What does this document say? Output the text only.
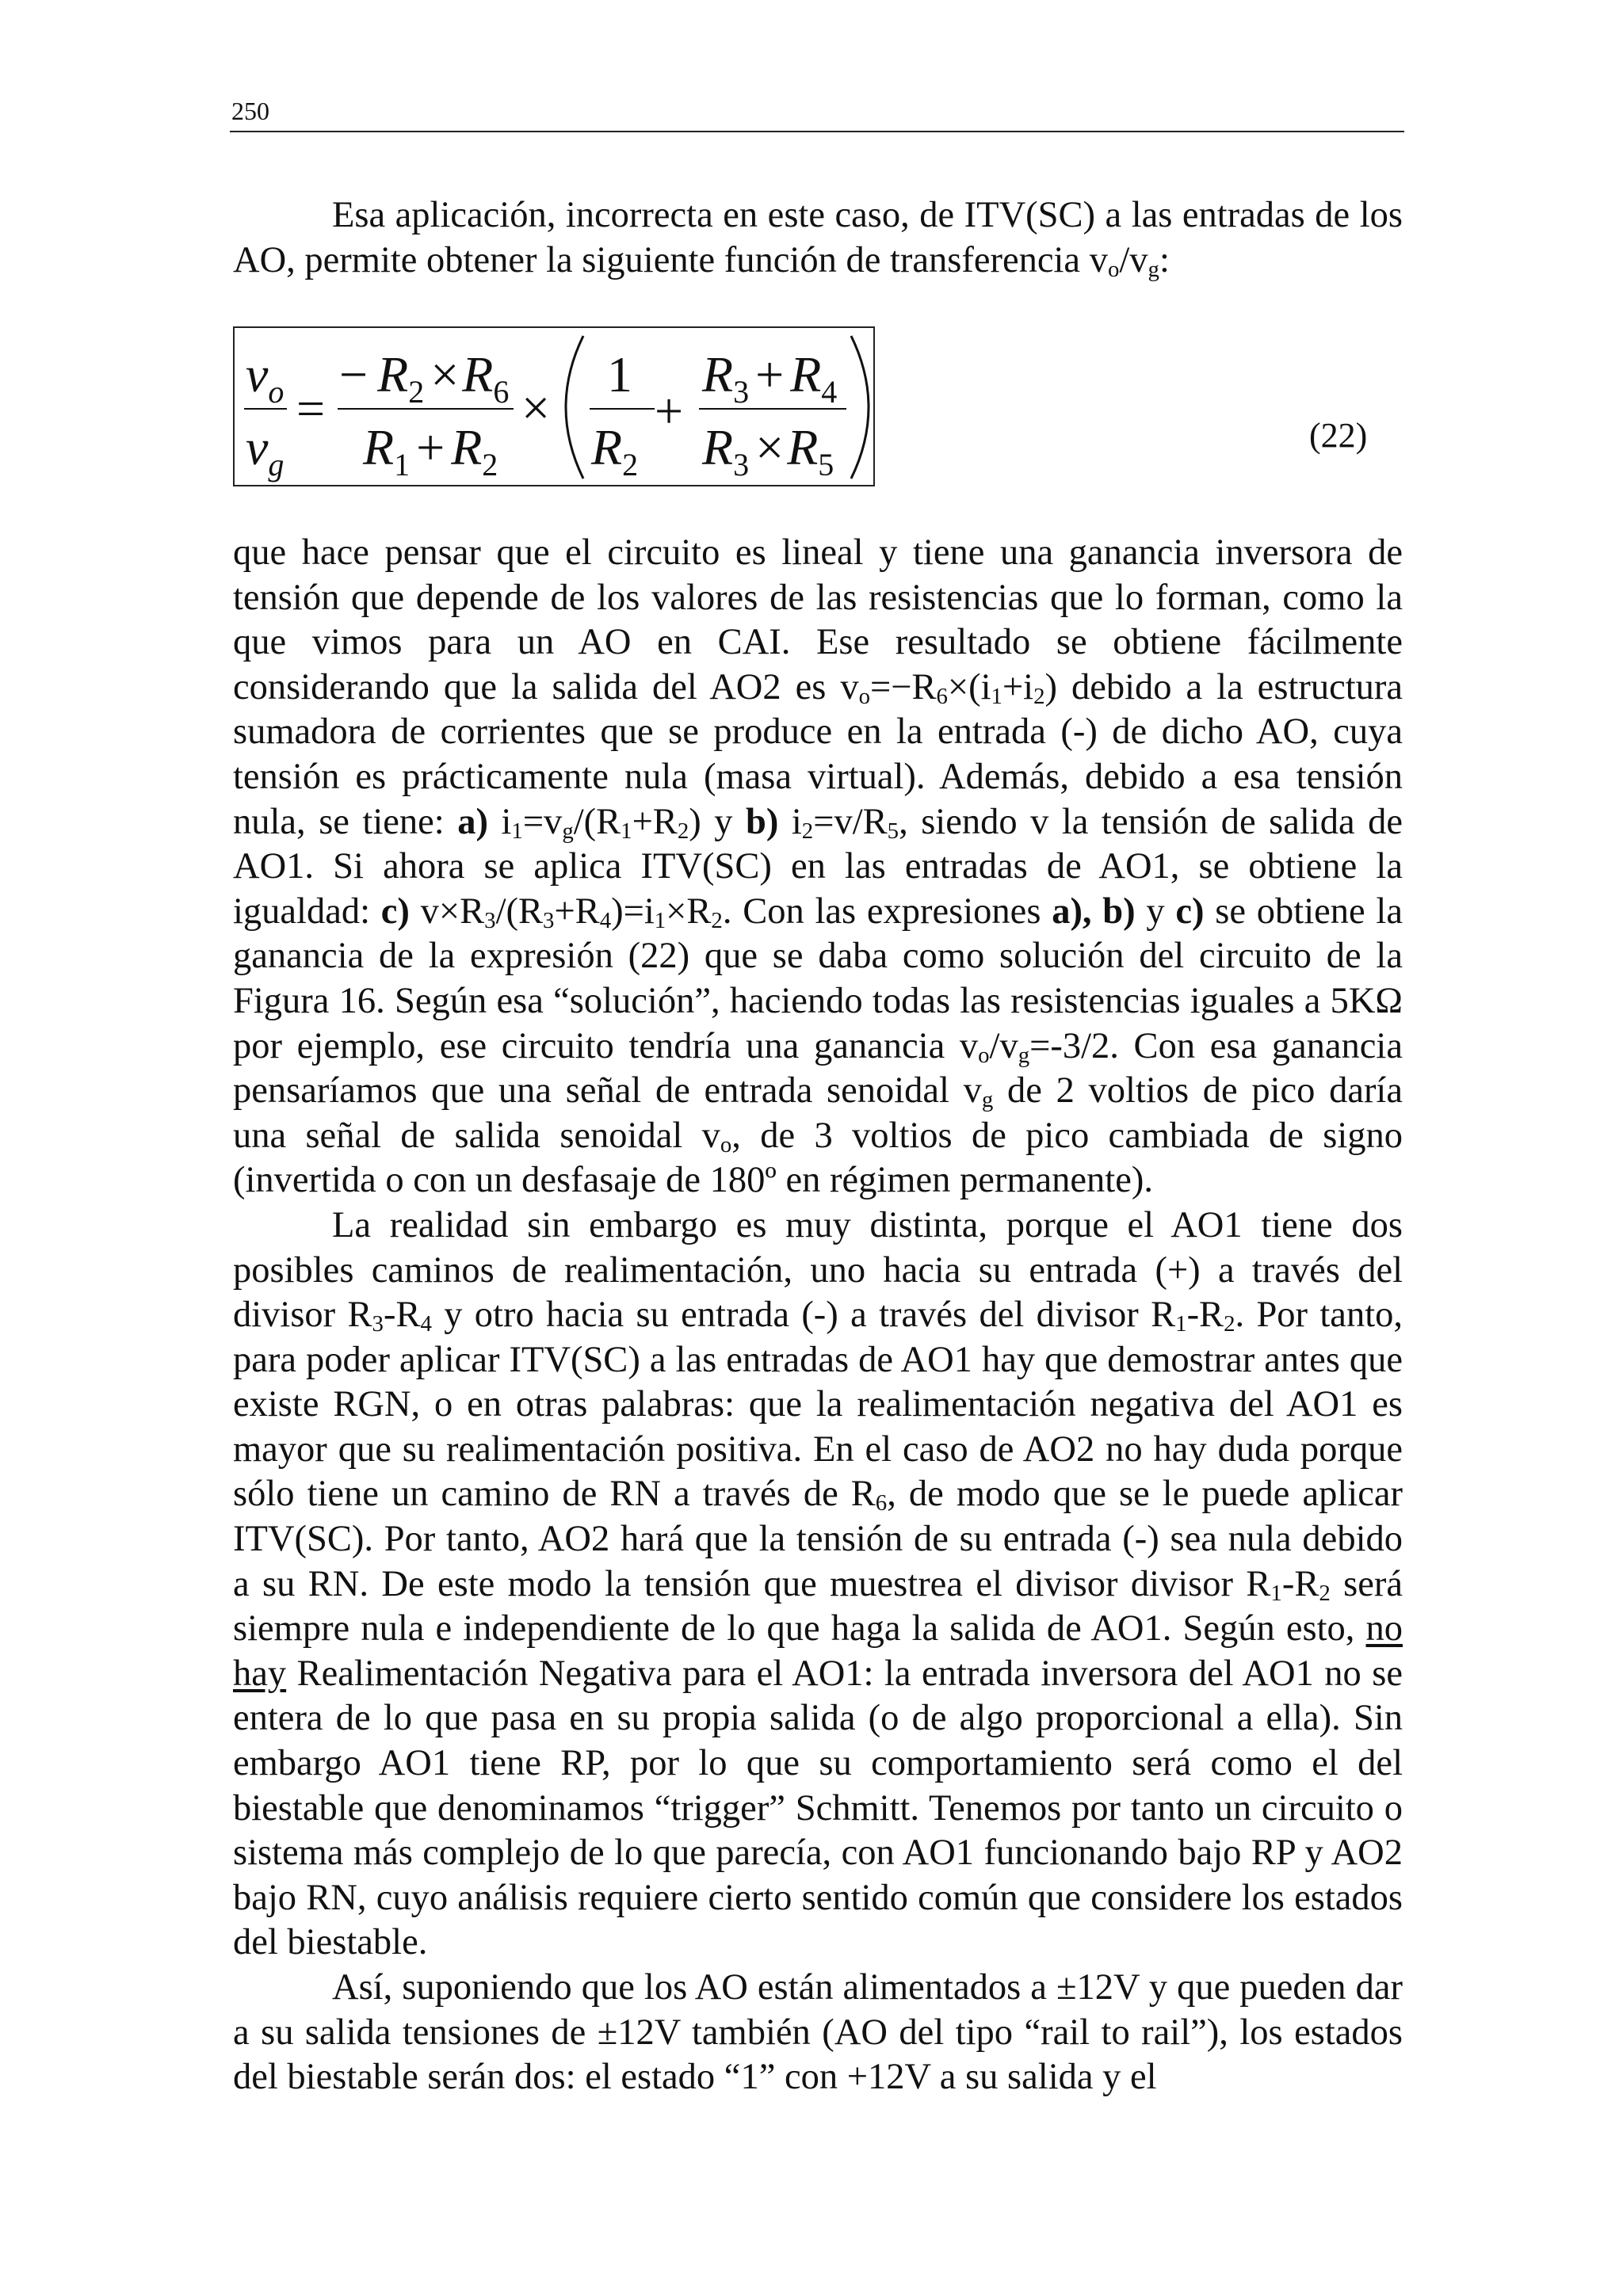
250

Esa aplicación, incorrecta en este caso, de ITV(SC) a las entradas de los AO, permite obtener la siguiente función de transferencia $v_o/v_g$:

$v_o$
$v_g$
=
− $R_2 \times R_6$
$R_1 + R_2$
×
1
$R_2$
+
$R_3 + R_4$
$R_3 \times R_5$
(22)

que hace pensar que el circuito es lineal y tiene una ganancia inversora de tensión que depende de los valores de las resistencias que lo forman, como la que vimos para un AO en CAI. Ese resultado se obtiene fácilmente considerando que la salida del AO2 es $v_o=-R_6\times(i_1+i_2)$ debido a la estructura sumadora de corrientes que se produce en la entrada (-) de dicho AO, cuya tensión es prácticamente nula (masa virtual). Además, debido a esa tensión nula, se tiene: a) $i_1=v_g/(R_1+R_2)$ y b) $i_2=v/R_5$, siendo v la tensión de salida de AO1. Si ahora se aplica ITV(SC) en las entradas de AO1, se obtiene la igualdad: c) $v\times R_3/(R_3+R_4)=i_1\times R_2$. Con las expresiones a), b) y c) se obtiene la ganancia de la expresión (22) que se daba como solución del circuito de la Figura 16. Según esa “solución”, haciendo todas las resistencias iguales a 5KΩ por ejemplo, ese circuito tendría una ganancia $v_o/v_g=-3/2$. Con esa ganancia pensaríamos que una señal de entrada senoidal $v_g$ de 2 voltios de pico daría una señal de salida senoidal $v_o$, de 3 voltios de pico cambiada de signo (invertida o con un desfasaje de 180º en régimen permanente).

La realidad sin embargo es muy distinta, porque el AO1 tiene dos posibles caminos de realimentación, uno hacia su entrada (+) a través del divisor $R_3-R_4$ y otro hacia su entrada (-) a través del divisor $R_1-R_2$. Por tanto, para poder aplicar ITV(SC) a las entradas de AO1 hay que demostrar antes que existe RGN, o en otras palabras: que la realimentación negativa del AO1 es mayor que su realimentación positiva. En el caso de AO2 no hay duda porque sólo tiene un camino de RN a través de $R_6$, de modo que se le puede aplicar ITV(SC). Por tanto, AO2 hará que la tensión de su entrada (-) sea nula debido a su RN. De este modo la tensión que muestrea el divisor divisor $R_1-R_2$ será siempre nula e independiente de lo que haga la salida de AO1. Según esto, no hay Realimentación Negativa para el AO1: la entrada inversora del AO1 no se entera de lo que pasa en su propia salida (o de algo proporcional a ella). Sin embargo AO1 tiene RP, por lo que su comportamiento será como el del biestable que denominamos “trigger” Schmitt. Tenemos por tanto un circuito o sistema más complejo de lo que parecía, con AO1 funcionando bajo RP y AO2 bajo RN, cuyo análisis requiere cierto sentido común que considere los estados del biestable.

Así, suponiendo que los AO están alimentados a ±12V y que pueden dar a su salida tensiones de ±12V también (AO del tipo “rail to rail”), los estados del biestable serán dos: el estado “1” con +12V a su salida y el
